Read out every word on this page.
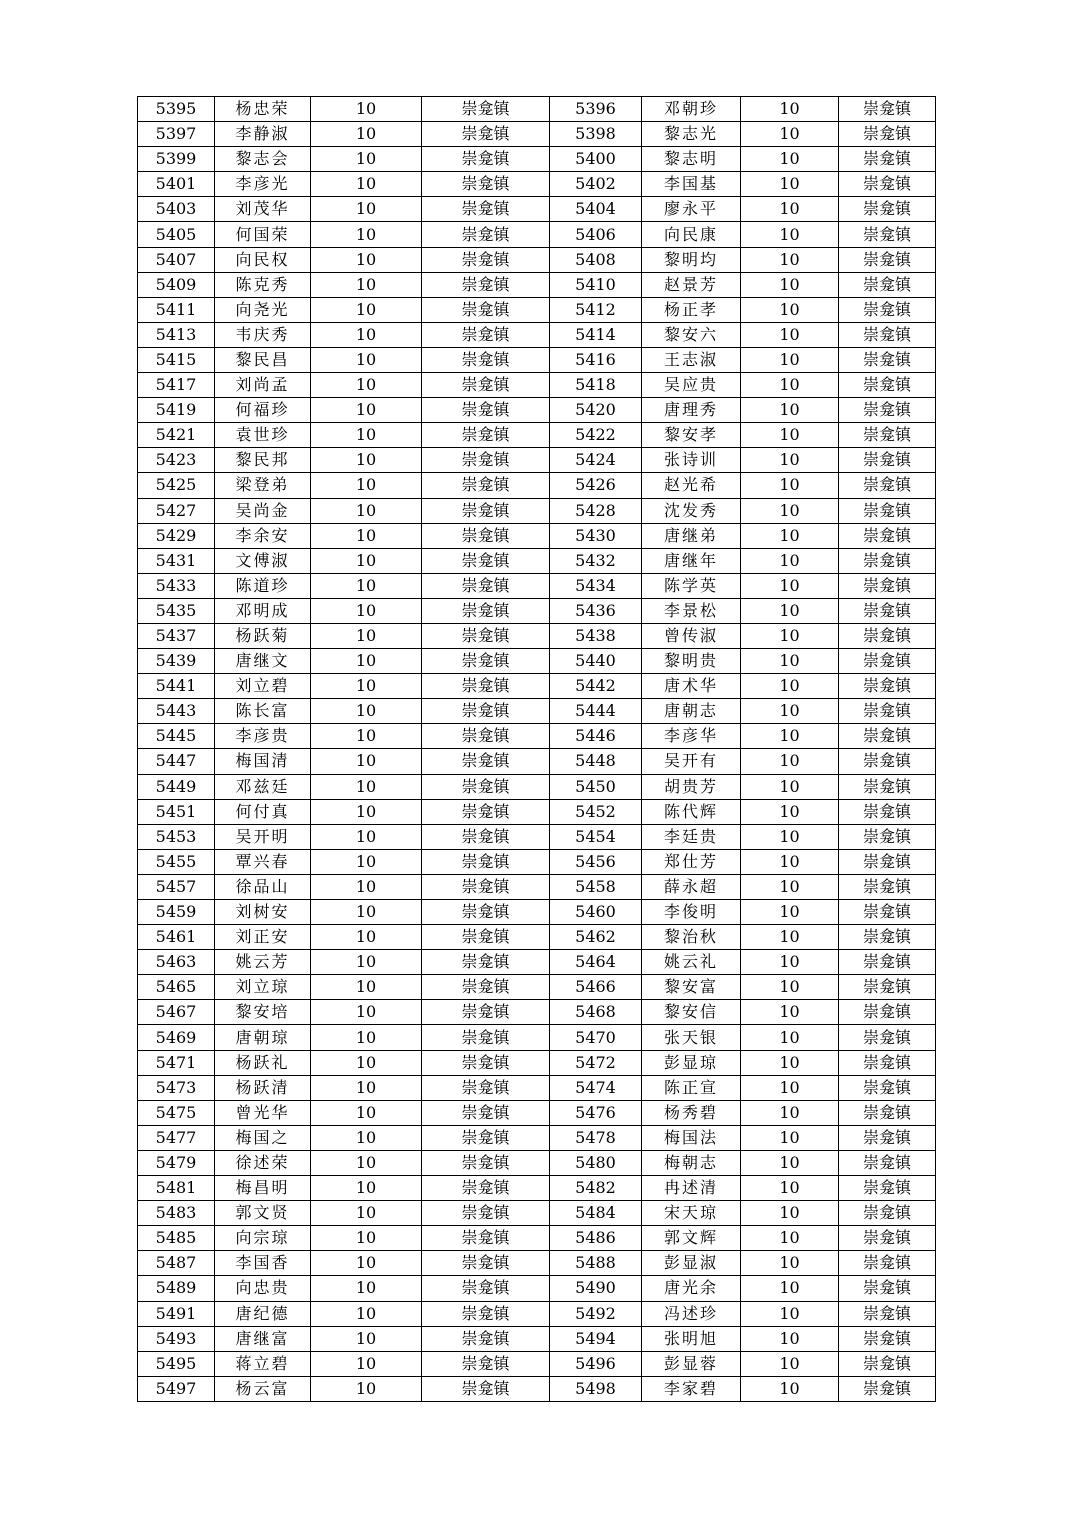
5395	杨忠荣	10	崇龛镇	5396	邓朝珍	10	崇龛镇
5397	李静淑	10	崇龛镇	5398	黎志光	10	崇龛镇
5399	黎志会	10	崇龛镇	5400	黎志明	10	崇龛镇
5401	李彦光	10	崇龛镇	5402	李国基	10	崇龛镇
5403	刘茂华	10	崇龛镇	5404	廖永平	10	崇龛镇
5405	何国荣	10	崇龛镇	5406	向民康	10	崇龛镇
5407	向民权	10	崇龛镇	5408	黎明均	10	崇龛镇
5409	陈克秀	10	崇龛镇	5410	赵景芳	10	崇龛镇
5411	向尧光	10	崇龛镇	5412	杨正孝	10	崇龛镇
5413	韦庆秀	10	崇龛镇	5414	黎安六	10	崇龛镇
5415	黎民昌	10	崇龛镇	5416	王志淑	10	崇龛镇
5417	刘尚孟	10	崇龛镇	5418	吴应贵	10	崇龛镇
5419	何福珍	10	崇龛镇	5420	唐理秀	10	崇龛镇
5421	袁世珍	10	崇龛镇	5422	黎安孝	10	崇龛镇
5423	黎民邦	10	崇龛镇	5424	张诗训	10	崇龛镇
5425	梁登弟	10	崇龛镇	5426	赵光希	10	崇龛镇
5427	吴尚金	10	崇龛镇	5428	沈发秀	10	崇龛镇
5429	李余安	10	崇龛镇	5430	唐继弟	10	崇龛镇
5431	文傅淑	10	崇龛镇	5432	唐继年	10	崇龛镇
5433	陈道珍	10	崇龛镇	5434	陈学英	10	崇龛镇
5435	邓明成	10	崇龛镇	5436	李景松	10	崇龛镇
5437	杨跃菊	10	崇龛镇	5438	曾传淑	10	崇龛镇
5439	唐继文	10	崇龛镇	5440	黎明贵	10	崇龛镇
5441	刘立碧	10	崇龛镇	5442	唐术华	10	崇龛镇
5443	陈长富	10	崇龛镇	5444	唐朝志	10	崇龛镇
5445	李彦贵	10	崇龛镇	5446	李彦华	10	崇龛镇
5447	梅国清	10	崇龛镇	5448	吴开有	10	崇龛镇
5449	邓兹廷	10	崇龛镇	5450	胡贵芳	10	崇龛镇
5451	何付真	10	崇龛镇	5452	陈代辉	10	崇龛镇
5453	吴开明	10	崇龛镇	5454	李廷贵	10	崇龛镇
5455	覃兴春	10	崇龛镇	5456	郑仕芳	10	崇龛镇
5457	徐品山	10	崇龛镇	5458	薛永超	10	崇龛镇
5459	刘树安	10	崇龛镇	5460	李俊明	10	崇龛镇
5461	刘正安	10	崇龛镇	5462	黎治秋	10	崇龛镇
5463	姚云芳	10	崇龛镇	5464	姚云礼	10	崇龛镇
5465	刘立琼	10	崇龛镇	5466	黎安富	10	崇龛镇
5467	黎安培	10	崇龛镇	5468	黎安信	10	崇龛镇
5469	唐朝琼	10	崇龛镇	5470	张天银	10	崇龛镇
5471	杨跃礼	10	崇龛镇	5472	彭显琼	10	崇龛镇
5473	杨跃清	10	崇龛镇	5474	陈正宣	10	崇龛镇
5475	曾光华	10	崇龛镇	5476	杨秀碧	10	崇龛镇
5477	梅国之	10	崇龛镇	5478	梅国法	10	崇龛镇
5479	徐述荣	10	崇龛镇	5480	梅朝志	10	崇龛镇
5481	梅昌明	10	崇龛镇	5482	冉述清	10	崇龛镇
5483	郭文贤	10	崇龛镇	5484	宋天琼	10	崇龛镇
5485	向宗琼	10	崇龛镇	5486	郭文辉	10	崇龛镇
5487	李国香	10	崇龛镇	5488	彭显淑	10	崇龛镇
5489	向忠贵	10	崇龛镇	5490	唐光余	10	崇龛镇
5491	唐纪德	10	崇龛镇	5492	冯述珍	10	崇龛镇
5493	唐继富	10	崇龛镇	5494	张明旭	10	崇龛镇
5495	蒋立碧	10	崇龛镇	5496	彭显蓉	10	崇龛镇
5497	杨云富	10	崇龛镇	5498	李家碧	10	崇龛镇
